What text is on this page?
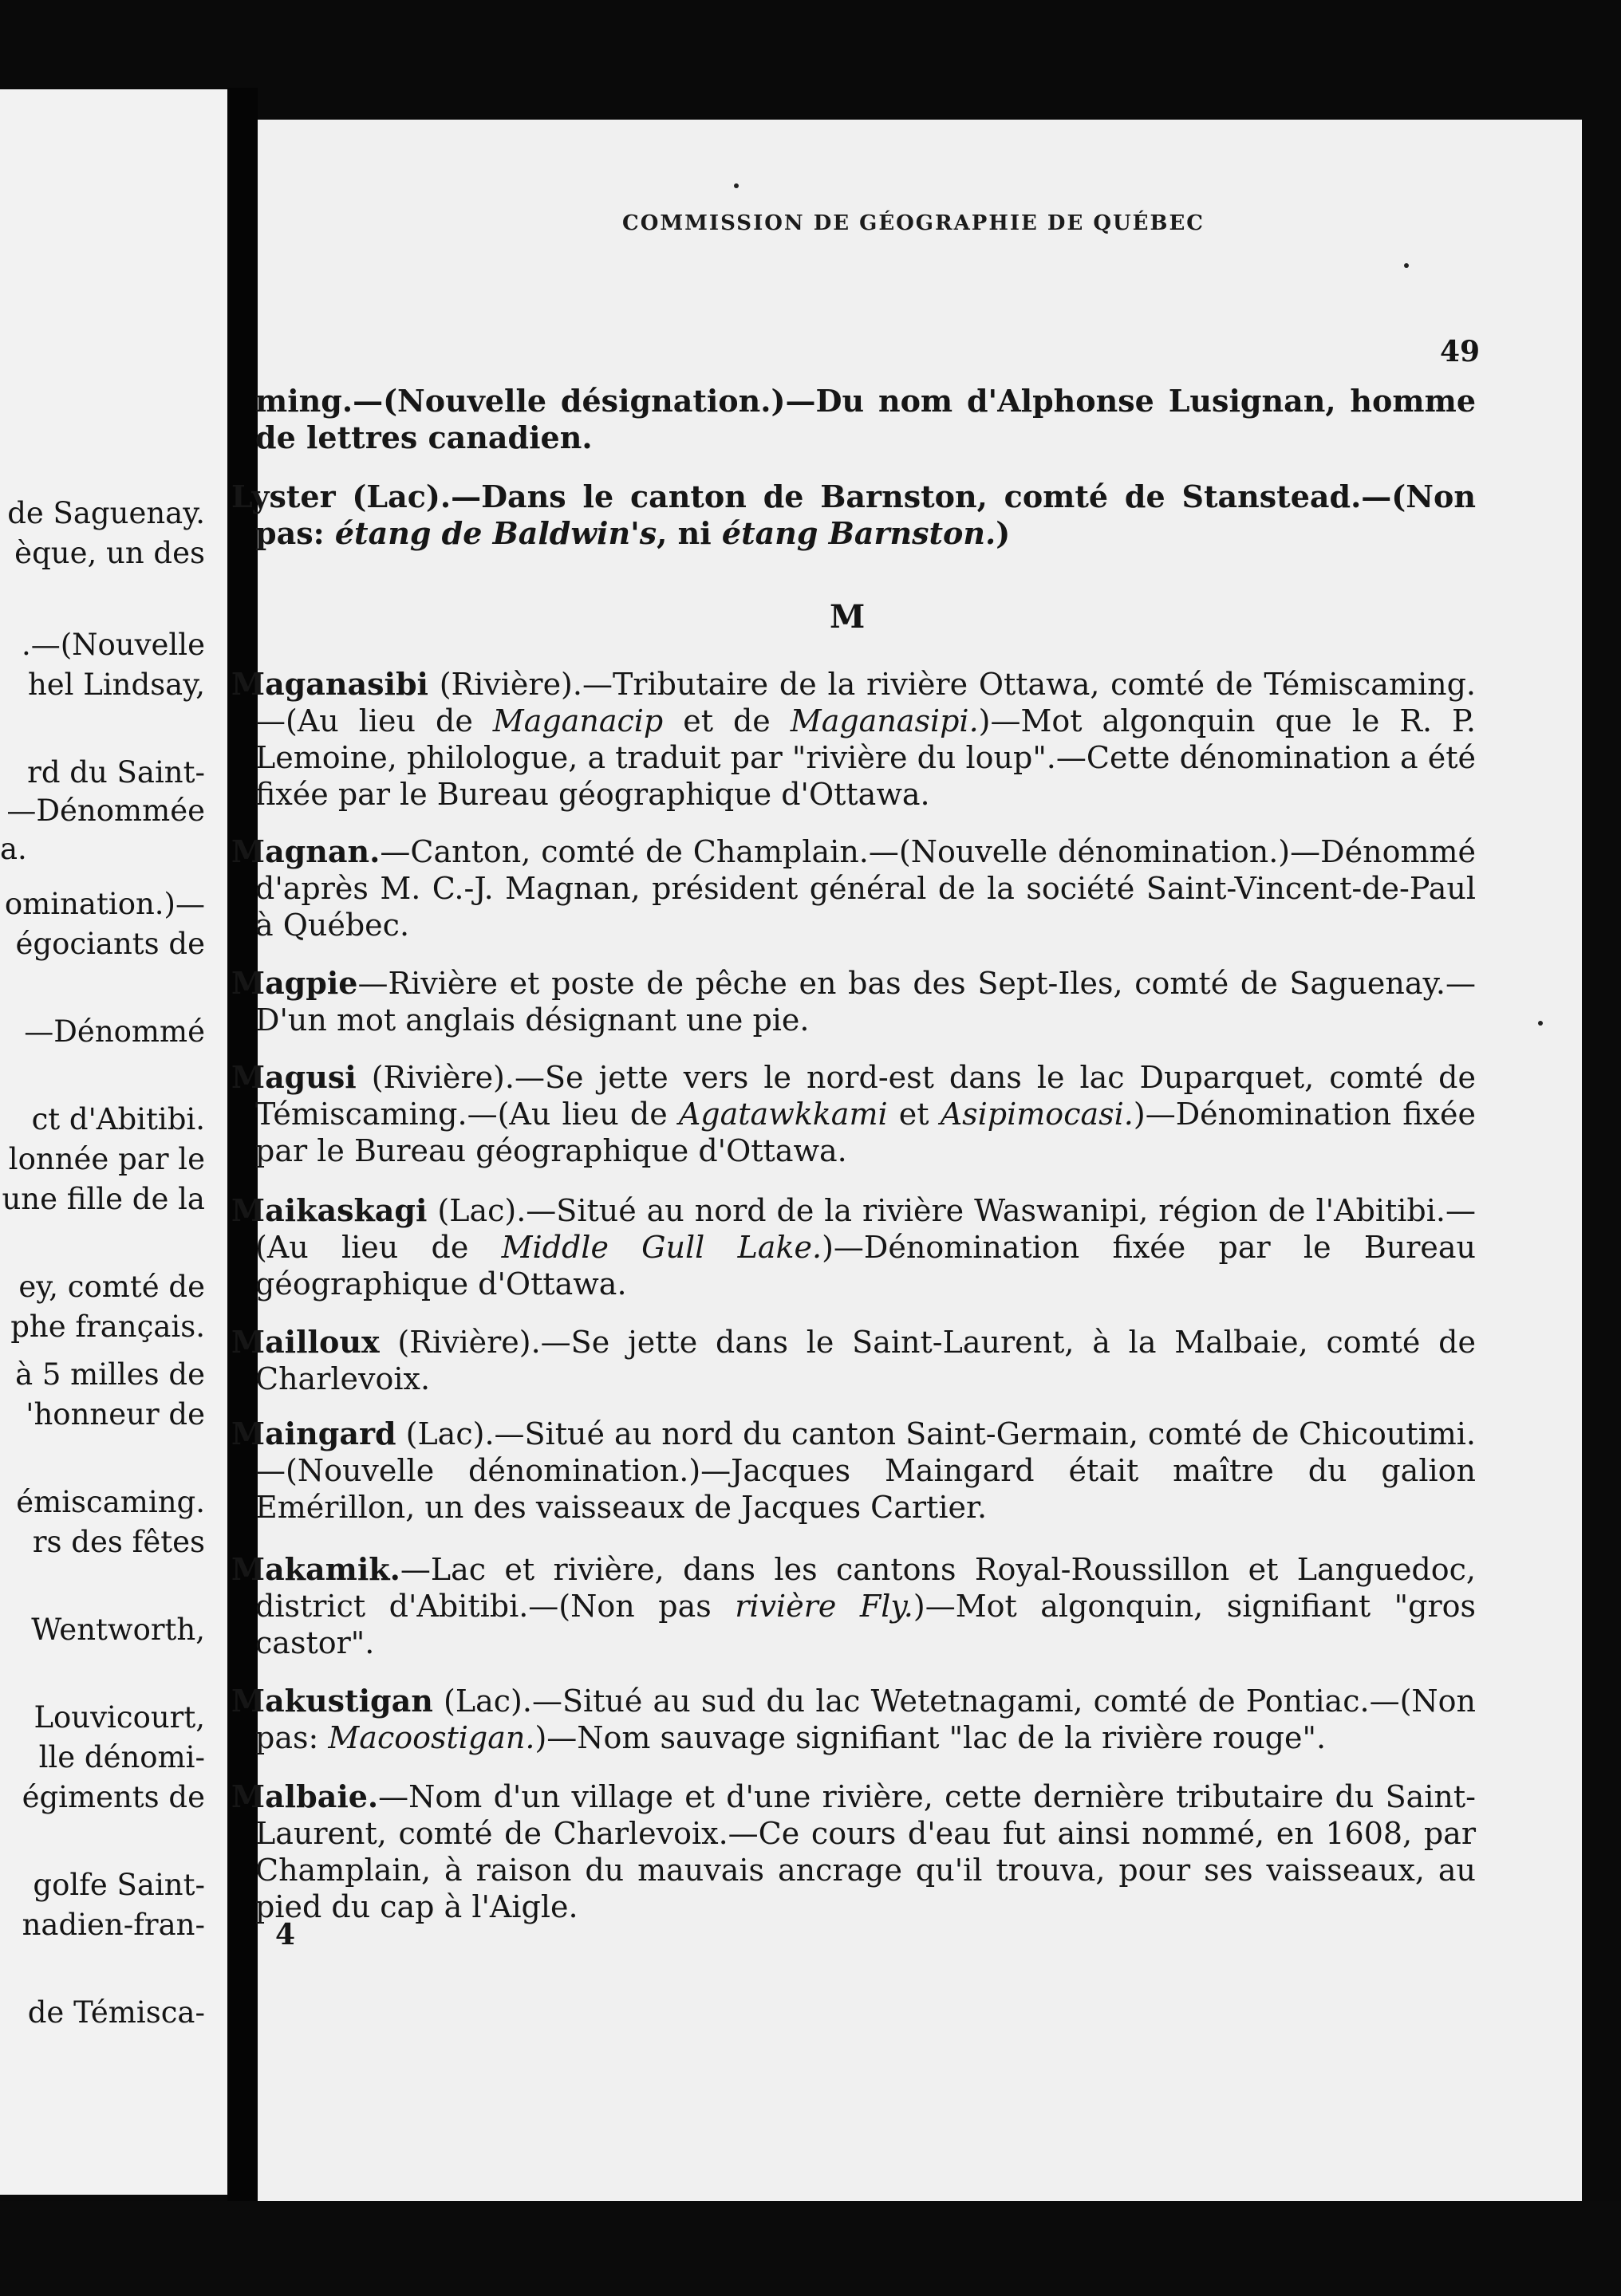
de Saguenay.
èque, un des
.—(Nouvelle
hel Lindsay,
rd du Saint-
—Dénommée
a.
omination.)—
égociants de
—Dénommé
ct d'Abitibi.
lonnée par le
une fille de la
ey, comté de
phe français.
à 5 milles de
'honneur de
émiscaming.
rs des fêtes
Wentworth,
Louvicourt,
lle dénomi-
égiments de
golfe Saint-
nadien-fran-
de Témisca-
COMMISSION DE GÉOGRAPHIE DE QUÉBEC
49
M
ming.—(Nouvelle désignation.)—Du nom d'Alphonse Lusignan, homme de lettres canadien.
Lyster (Lac).—Dans le canton de Barnston, comté de Stanstead.—(Non pas: étang de Baldwin's, ni étang Barnston.)
Maganasibi (Rivière).—Tributaire de la rivière Ottawa, comté de Témiscaming.—(Au lieu de Maganacip et de Maganasipi.)—Mot algonquin que le R. P. Lemoine, philologue, a traduit par "rivière du loup".—Cette dénomination a été fixée par le Bureau géographique d'Ottawa.
Magnan.—Canton, comté de Champlain.—(Nouvelle dénomination.)—Dénommé d'après M. C.-J. Magnan, président général de la société Saint-Vincent-de-Paul à Québec.
Magpie—Rivière et poste de pêche en bas des Sept-Iles, comté de Saguenay.—D'un mot anglais désignant une pie.
Magusi (Rivière).—Se jette vers le nord-est dans le lac Duparquet, comté de Témiscaming.—(Au lieu de Agatawkkami et Asipimocasi.)—Dénomination fixée par le Bureau géographique d'Ottawa.
Maikaskagi (Lac).—Situé au nord de la rivière Waswanipi, région de l'Abitibi.—(Au lieu de Middle Gull Lake.)—Dénomination fixée par le Bureau géographique d'Ottawa.
Mailloux (Rivière).—Se jette dans le Saint-Laurent, à la Malbaie, comté de Charlevoix.
Maingard (Lac).—Situé au nord du canton Saint-Germain, comté de Chicoutimi.—(Nouvelle dénomination.)—Jacques Maingard était maître du galion Emérillon, un des vaisseaux de Jacques Cartier.
Makamik.—Lac et rivière, dans les cantons Royal-Roussillon et Languedoc, district d'Abitibi.—(Non pas rivière Fly.)—Mot algonquin, signifiant "gros castor".
Makustigan (Lac).—Situé au sud du lac Wetetnagami, comté de Pontiac.—(Non pas: Macoostigan.)—Nom sauvage signifiant "lac de la rivière rouge".
Malbaie.—Nom d'un village et d'une rivière, cette dernière tributaire du Saint-Laurent, comté de Charlevoix.—Ce cours d'eau fut ainsi nommé, en 1608, par Champlain, à raison du mauvais ancrage qu'il trouva, pour ses vaisseaux, au pied du cap à l'Aigle.
4
